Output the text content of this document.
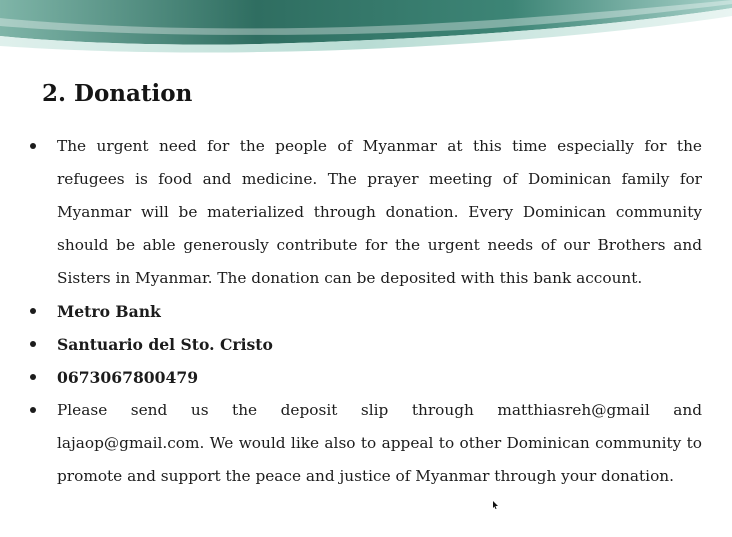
2. Donation
The urgent need for the people of Myanmar at this time especially for the refugees is food and medicine. The prayer meeting of Dominican family for Myanmar will be materialized through donation. Every Dominican community should be able generously contribute for the urgent needs of our Brothers and Sisters in Myanmar. The donation can be deposited with this bank account.
Metro Bank
Santuario del Sto. Cristo
0673067800479
Please send us the deposit slip through matthiasreh@gmail and lajaop@gmail.com. We would like also to appeal to other Dominican community to promote and support the peace and justice of Myanmar through your donation.
